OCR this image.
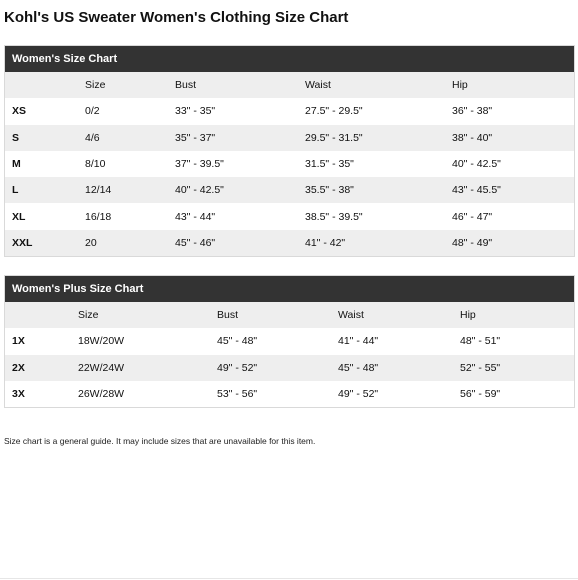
Kohl's US Sweater Women's Clothing Size Chart
Women's Size Chart
	Size	Bust	Waist	Hip
XS	0/2	33" - 35"	27.5" - 29.5"	36" - 38"
S	4/6	35" - 37"	29.5" - 31.5"	38" - 40"
M	8/10	37" - 39.5"	31.5" - 35"	40" - 42.5"
L	12/14	40" - 42.5"	35.5" - 38"	43" - 45.5"
XL	16/18	43" - 44"	38.5" - 39.5"	46" - 47"
XXL	20	45" - 46"	41" - 42"	48" - 49"
Women's Plus Size Chart
	Size	Bust	Waist	Hip
1X	18W/20W	45" - 48"	41" - 44"	48" - 51"
2X	22W/24W	49" - 52"	45" - 48"	52" - 55"
3X	26W/28W	53" - 56"	49" - 52"	56" - 59"

Size chart is a general guide. It may include sizes that are unavailable for this item.
